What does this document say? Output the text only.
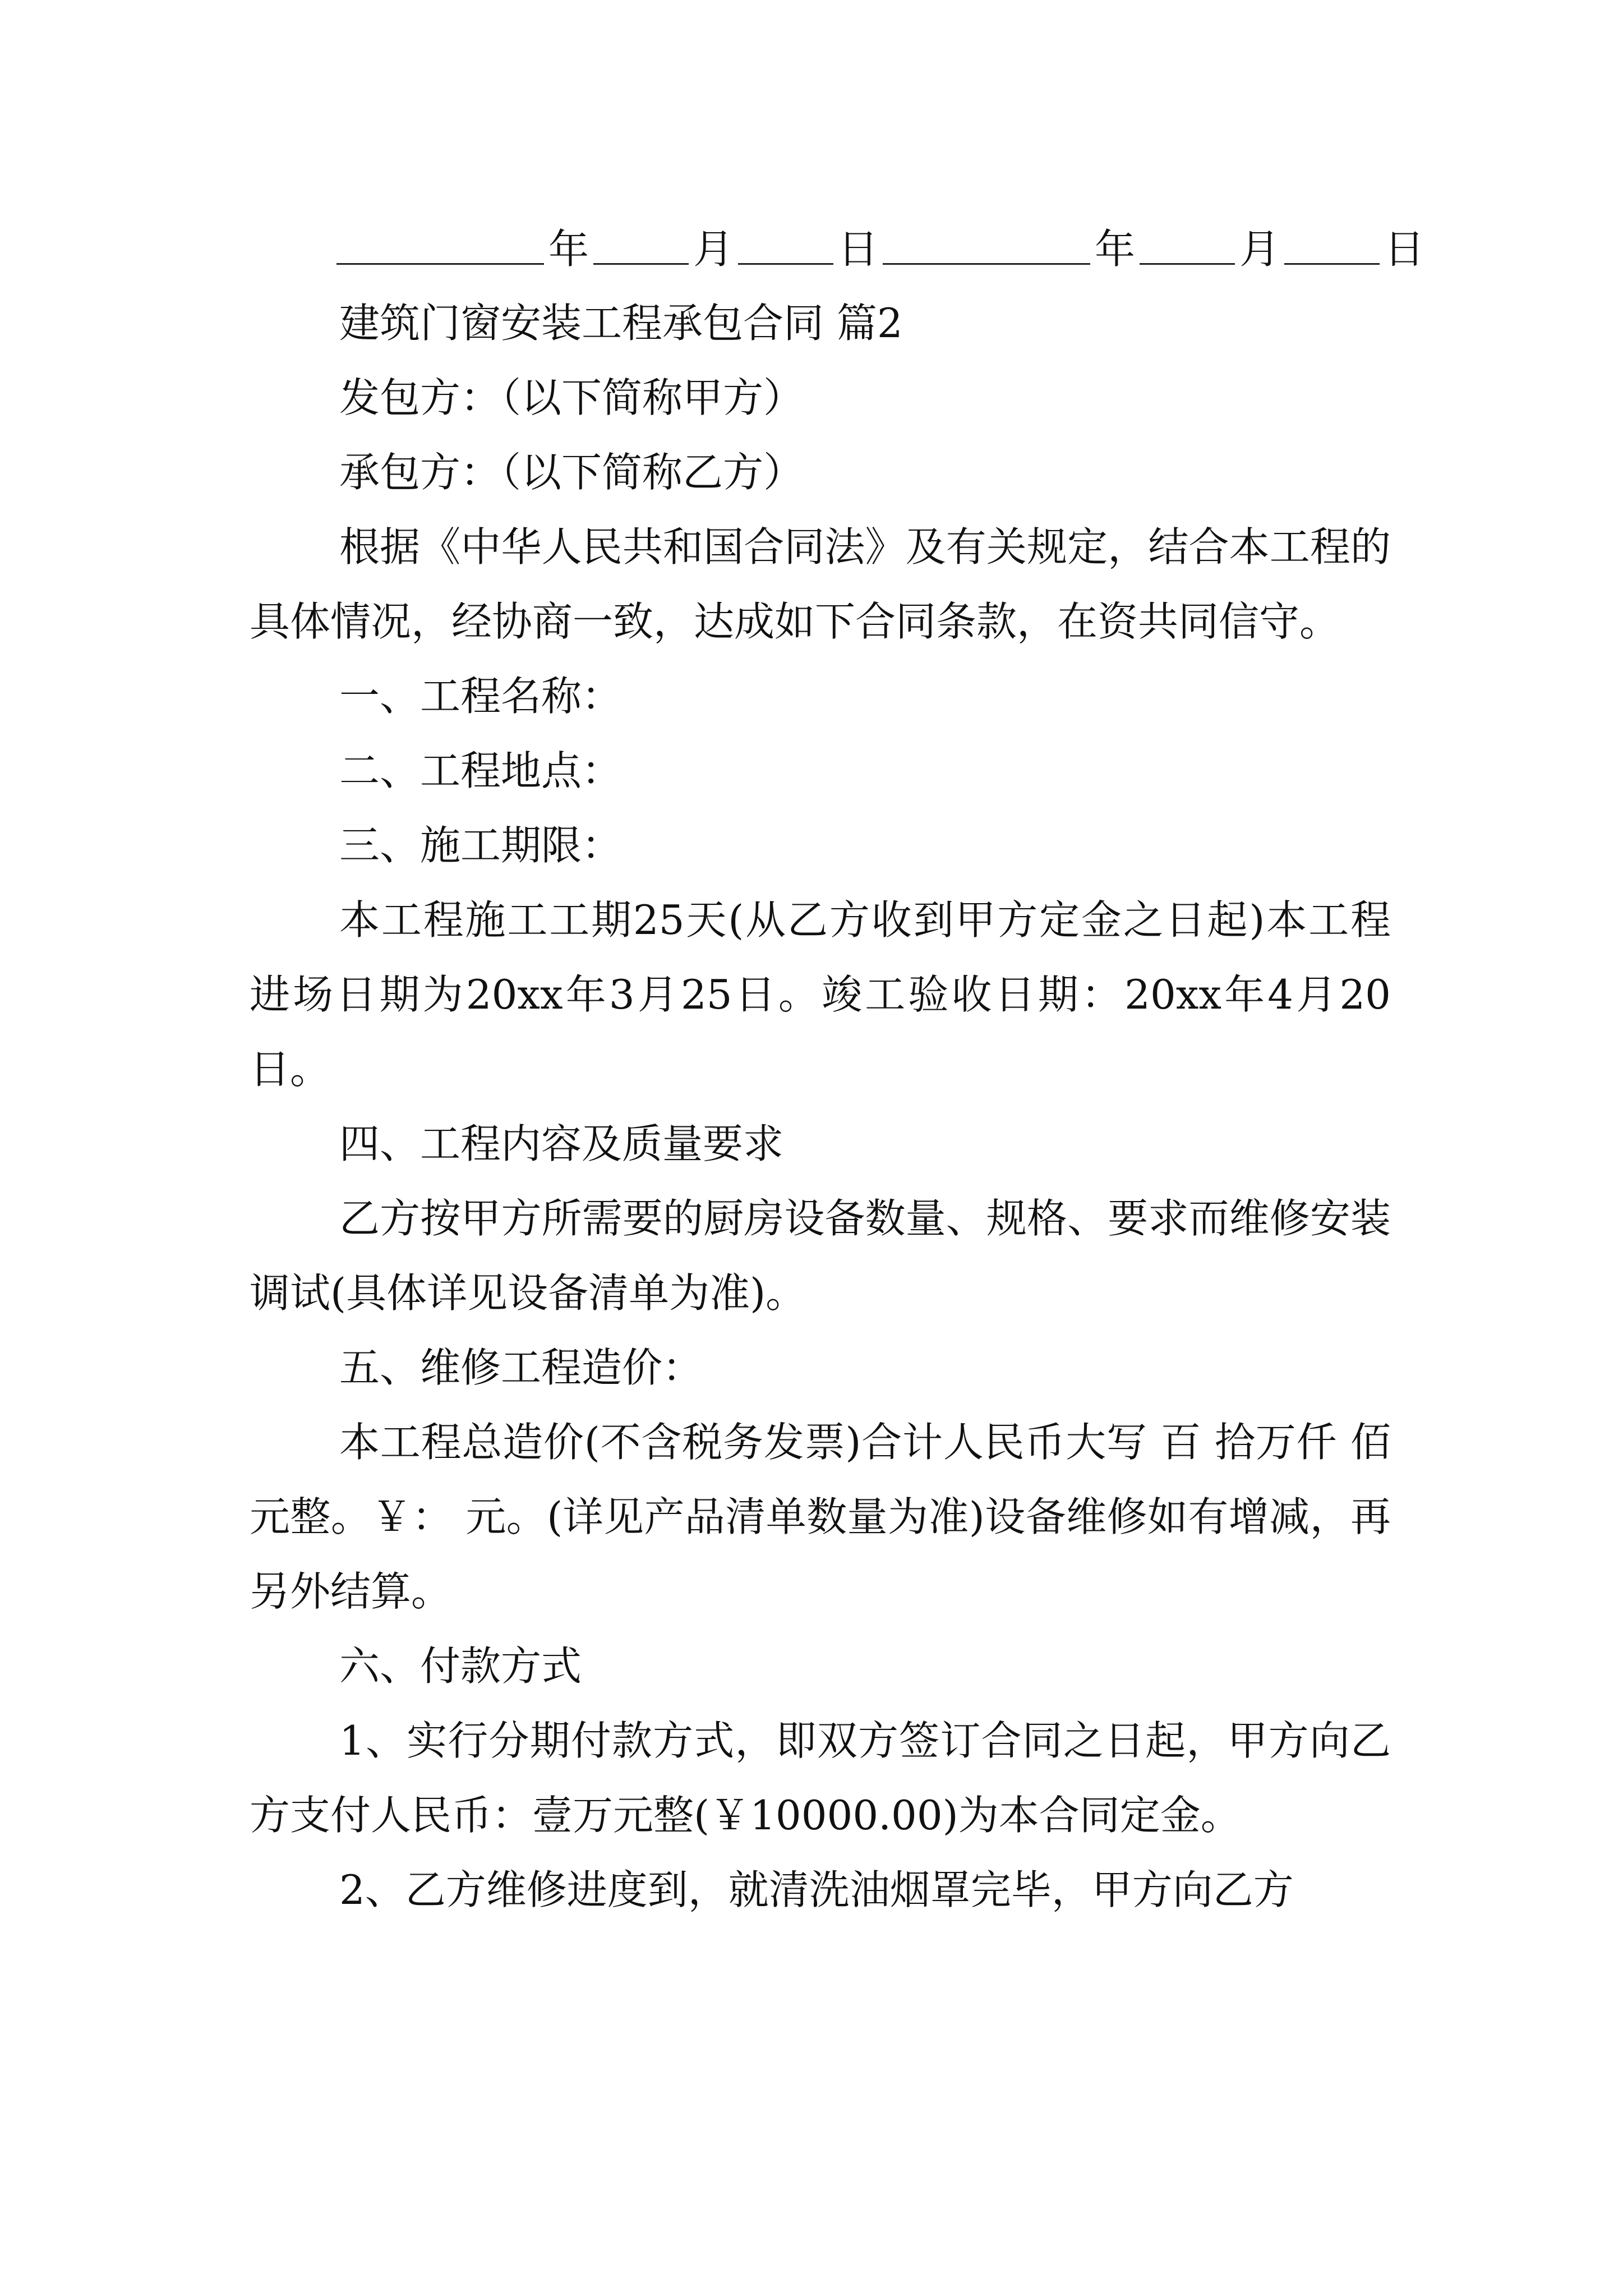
年	月	日	年	月	日
建筑门窗安装工程承包合同 篇2
发包方：（以下简称甲方）
承包方：（以下简称乙方）

根据《中华人民共和国合同法》及有关规定，结合本工程的具体情况，经协商一致，达成如下合同条款，在资共同信守。

一、工程名称：
二、工程地点：
三、施工期限：

本工程施工工期25天(从乙方收到甲方定金之日起)本工程进场日期为20xx年3月25日。竣工验收日期：20xx年4月20日。

四、工程内容及质量要求

乙方按甲方所需要的厨房设备数量、规格、要求而维修安装调试(具体详见设备清单为准)。

五、维修工程造价：

本工程总造价(不含税务发票)合计人民币大写 百 拾万仟 佰 元整。￥： 元。(详见产品清单数量为准)设备维修如有增减，再另外结算。

六、付款方式

1、实行分期付款方式，即双方签订合同之日起，甲方向乙方支付人民币：壹万元整(￥10000.00)为本合同定金。

2、乙方维修进度到，就清洗油烟罩完毕，甲方向乙方
